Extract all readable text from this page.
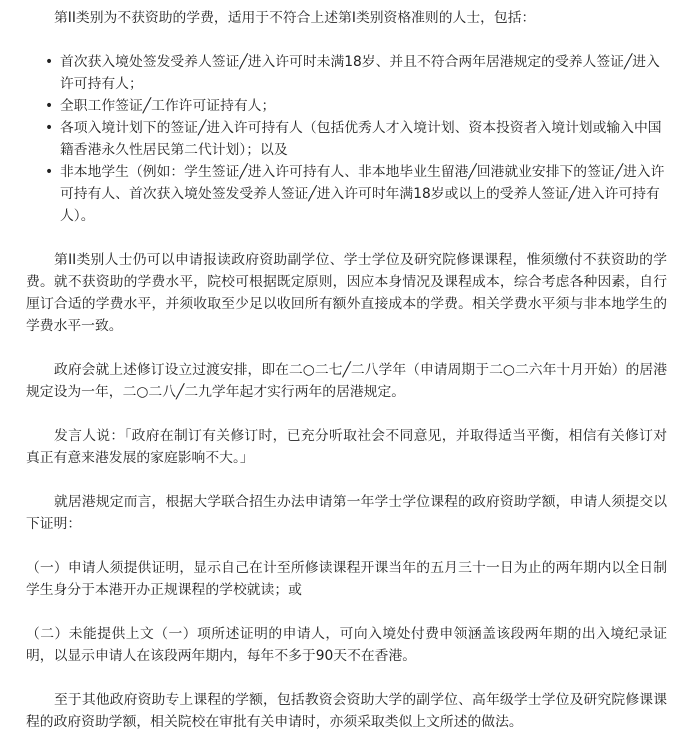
第II类别为不获资助的学费，适用于不符合上述第I类别资格准则的人士，包括：

• 首次获入境处签发受养人签证╱进入许可时未满18岁、并且不符合两年居港规定的受养人签证╱进入许可持有人；
• 全职工作签证╱工作许可证持有人；
• 各项入境计划下的签证╱进入许可持有人（包括优秀人才入境计划、资本投资者入境计划或输入中国籍香港永久性居民第二代计划）；以及
• 非本地学生（例如：学生签证╱进入许可持有人、非本地毕业生留港╱回港就业安排下的签证╱进入许可持有人、首次获入境处签发受养人签证╱进入许可时年满18岁或以上的受养人签证╱进入许可持有人）。

第II类别人士仍可以申请报读政府资助副学位、学士学位及研究院修课课程，惟须缴付不获资助的学费。就不获资助的学费水平，院校可根据既定原则，因应本身情况及课程成本，综合考虑各种因素，自行厘订合适的学费水平，并须收取至少足以收回所有额外直接成本的学费。相关学费水平须与非本地学生的学费水平一致。

政府会就上述修订设立过渡安排，即在二○二七╱二八学年（申请周期于二○二六年十月开始）的居港规定设为一年，二○二八╱二九学年起才实行两年的居港规定。

发言人说：「政府在制订有关修订时，已充分听取社会不同意见，并取得适当平衡，相信有关修订对真正有意来港发展的家庭影响不大。」

就居港规定而言，根据大学联合招生办法申请第一年学士学位课程的政府资助学额，申请人须提交以下证明：

（一）申请人须提供证明，显示自己在计至所修读课程开课当年的五月三十一日为止的两年期内以全日制学生身分于本港开办正规课程的学校就读；或

（二）未能提供上文（一）项所述证明的申请人，可向入境处付费申领涵盖该段两年期的出入境纪录证明，以显示申请人在该段两年期内，每年不多于90天不在香港。

至于其他政府资助专上课程的学额，包括教资会资助大学的副学位、高年级学士学位及研究院修课课程的政府资助学额，相关院校在审批有关申请时，亦须采取类似上文所述的做法。
